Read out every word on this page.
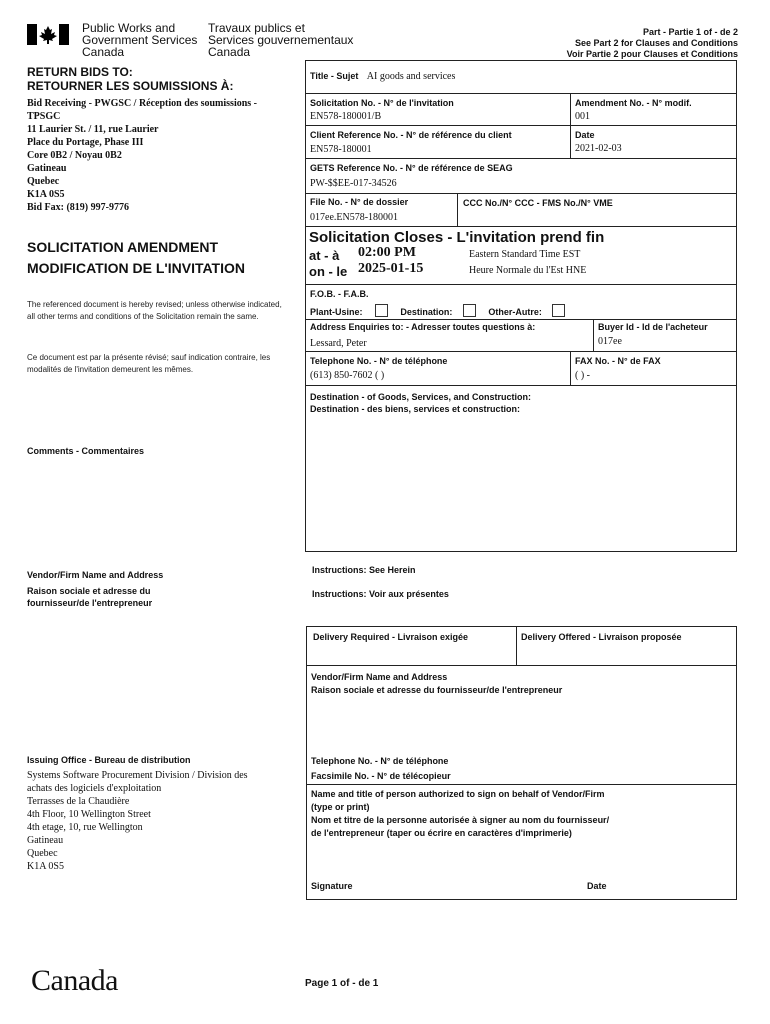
Public Works and
Government Services
Canada
Travaux publics et
Services gouvernementaux
Canada
Part - Partie 1 of - de 2
See Part 2 for Clauses and Conditions
Voir Partie 2 pour Clauses et Conditions
RETURN BIDS TO:
RETOURNER LES SOUMISSIONS À:
Bid Receiving - PWGSC / Réception des soumissions -
TPSGC
11 Laurier St. / 11, rue Laurier
Place du Portage, Phase III
Core 0B2 / Noyau 0B2
Gatineau
Quebec
K1A 0S5
Bid Fax: (819) 997-9776
SOLICITATION AMENDMENT
MODIFICATION DE L'INVITATION
The referenced document is hereby revised; unless otherwise indicated, all other terms and conditions of the Solicitation remain the same.
Ce document est par la présente révisé; sauf indication contraire, les modalités de l'invitation demeurent les mêmes.
Comments - Commentaires
Vendor/Firm Name and Address
Raison sociale et adresse du fournisseur/de l'entrepreneur
Issuing Office - Bureau de distribution
Systems Software Procurement Division / Division des
achats des logiciels d'exploitation
Terrasses de la Chaudière
4th Floor, 10 Wellington Street
4th etage, 10, rue Wellington
Gatineau
Quebec
K1A 0S5
Title - Sujet AI goods and services
Solicitation No. - N° de l'invitation
EN578-180001/B
Amendment No. - N° modif.
001
Client Reference No. - N° de référence du client
EN578-180001
Date
2021-02-03
GETS Reference No. - N° de référence de SEAG
PW-$$EE-017-34526
File No. - N° de dossier
017ee.EN578-180001
CCC No./N° CCC - FMS No./N° VME
Solicitation Closes - L'invitation prend fin
at - à 02:00 PM
on - le 2025-01-15
Eastern Standard Time EST
Heure Normale du l'Est HNE
F.O.B. - F.A.B.
Plant-Usine:	Destination:	Other-Autre:
Address Enquiries to: - Adresser toutes questions à:
Lessard, Peter
Buyer Id - Id de l'acheteur
017ee
Telephone No. - N° de téléphone
(613) 850-7602 ( )
FAX No. - N° de FAX
( ) -
Destination - of Goods, Services, and Construction:
Destination - des biens, services et construction:
Instructions: See Herein
Instructions: Voir aux présentes
Delivery Required - Livraison exigée	Delivery Offered - Livraison proposée
Vendor/Firm Name and Address
Raison sociale et adresse du fournisseur/de l'entrepreneur
Telephone No. - N° de téléphone
Facsimile No. - N° de télécopieur
Name and title of person authorized to sign on behalf of Vendor/Firm
(type or print)
Nom et titre de la personne autorisée à signer au nom du fournisseur/
de l'entrepreneur (taper ou écrire en caractères d'imprimerie)
Signature	Date
Canada	Page 1 of - de 1
